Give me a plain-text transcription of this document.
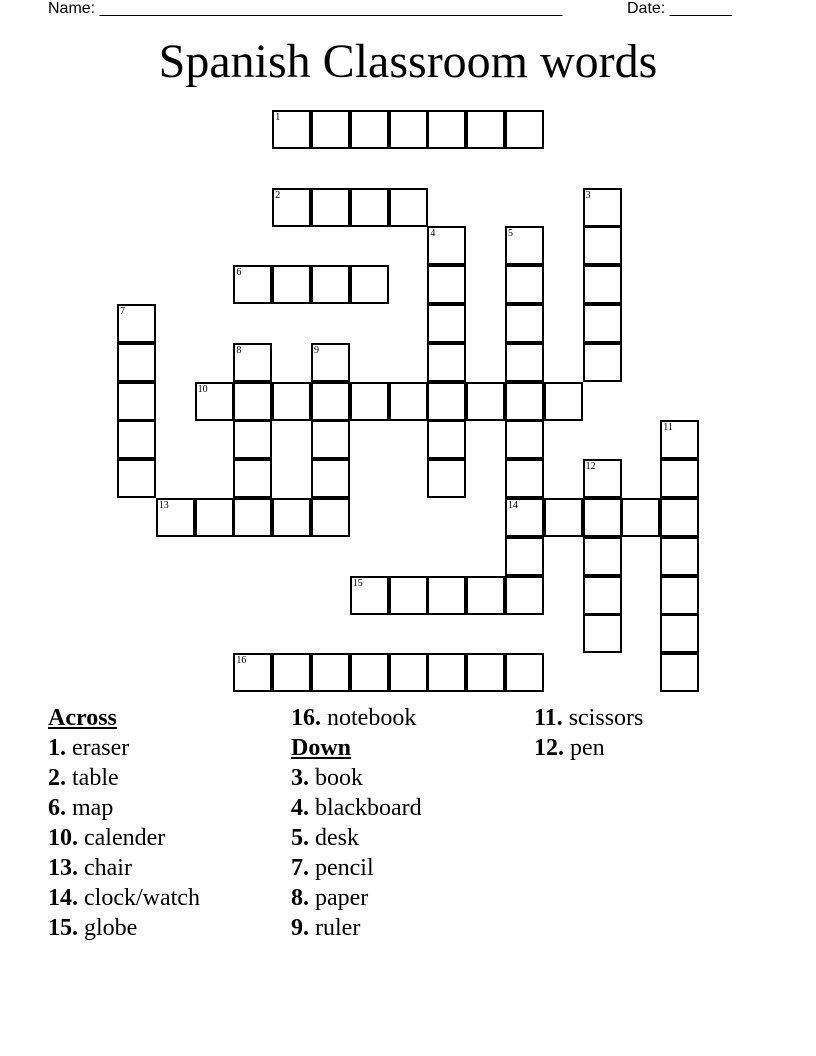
Name: ____________________________________________________	Date: _______
Spanish Classroom words
1
2	3
4	5
14
6
7
8	9
10
11
12
13
15
16
Across
1. eraser
2. table
6. map
10. calender
13. chair
14. clock/watch
15. globe
16. notebook
Down
3. book
4. blackboard
5. desk
7. pencil
8. paper
9. ruler
11. scissors
12. pen
